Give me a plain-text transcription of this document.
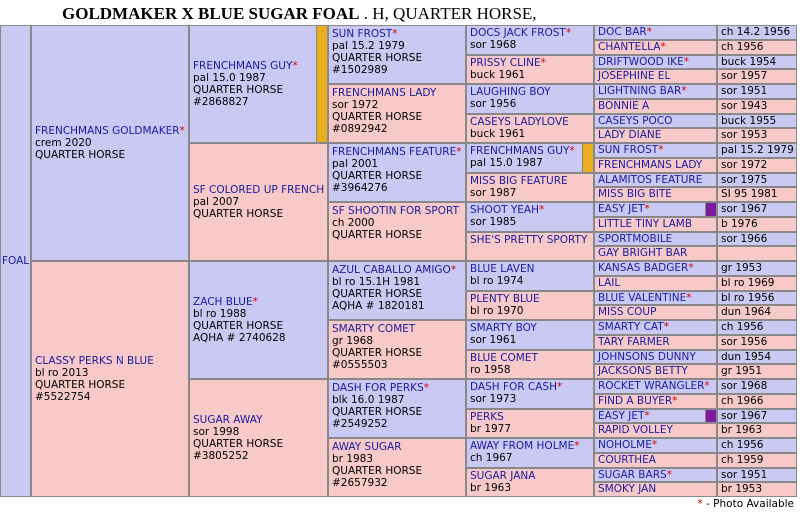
GOLDMAKER X BLUE SUGAR FOAL . H, QUARTER HORSE,
FOAL
FRENCHMANS GOLDMAKER*
crem 2020
QUARTER HORSE
CLASSY PERKS N BLUE
bl ro 2013
QUARTER HORSE
#5522754
FRENCHMANS GUY*
pal 15.0 1987
QUARTER HORSE
#2868827
SF COLORED UP FRENCH
pal 2007
QUARTER HORSE
ZACH BLUE*
bl ro 1988
QUARTER HORSE
AQHA # 2740628
SUGAR AWAY
sor 1998
QUARTER HORSE
#3805252
SUN FROST*
pal 15.2 1979
QUARTER HORSE
#1502989
FRENCHMANS LADY
sor 1972
QUARTER HORSE
#0892942
FRENCHMANS FEATURE*
pal 2001
QUARTER HORSE
#3964276
SF SHOOTIN FOR SPORT
ch 2000
QUARTER HORSE
AZUL CABALLO AMIGO*
bl ro 15.1H 1981
QUARTER HORSE
AQHA # 1820181
SMARTY COMET
gr 1968
QUARTER HORSE
#0555503
DASH FOR PERKS*
blk 16.0 1987
QUARTER HORSE
#2549252
AWAY SUGAR
br 1983
QUARTER HORSE
#2657932
DOCS JACK FROST*
sor 1968
PRISSY CLINE*
buck 1961
LAUGHING BOY
sor 1956
CASEYS LADYLOVE
buck 1961
FRENCHMANS GUY*
pal 15.0 1987
MISS BIG FEATURE
sor 1987
SHOOT YEAH*
sor 1985
SHE'S PRETTY SPORTY
BLUE LAVEN
bl ro 1974
PLENTY BLUE
bl ro 1970
SMARTY BOY
sor 1961
BLUE COMET
ro 1958
DASH FOR CASH*
sor 1973
PERKS
br 1977
AWAY FROM HOLME*
ch 1967
SUGAR JANA
br 1963
DOC BAR*	ch 14.2 1956
CHANTELLA*	ch 1956
DRIFTWOOD IKE*	buck 1954
JOSEPHINE EL	sor 1957
LIGHTNING BAR*	sor 1951
BONNIE A	sor 1943
CASEYS POCO	buck 1955
LADY DIANE	sor 1953
SUN FROST*	pal 15.2 1979
FRENCHMANS LADY	sor 1972
ALAMITOS FEATURE	sor 1975
MISS BIG BITE	SI 95 1981
EASY JET*	sor 1967
LITTLE TINY LAMB	b 1976
SPORTMOBILE	sor 1966
GAY BRIGHT BAR
KANSAS BADGER*	gr 1953
LAIL	bl ro 1969
BLUE VALENTINE*	bl ro 1956
MISS COUP	dun 1964
SMARTY CAT*	ch 1956
TARY FARMER	sor 1956
JOHNSONS DUNNY	dun 1954
JACKSONS BETTY	gr 1951
ROCKET WRANGLER*	sor 1968
FIND A BUYER*	ch 1966
EASY JET*	sor 1967
RAPID VOLLEY	br 1963
NOHOLME*	ch 1956
COURTHEA	ch 1959
SUGAR BARS*	sor 1951
SMOKY JAN	br 1953
* - Photo Available
